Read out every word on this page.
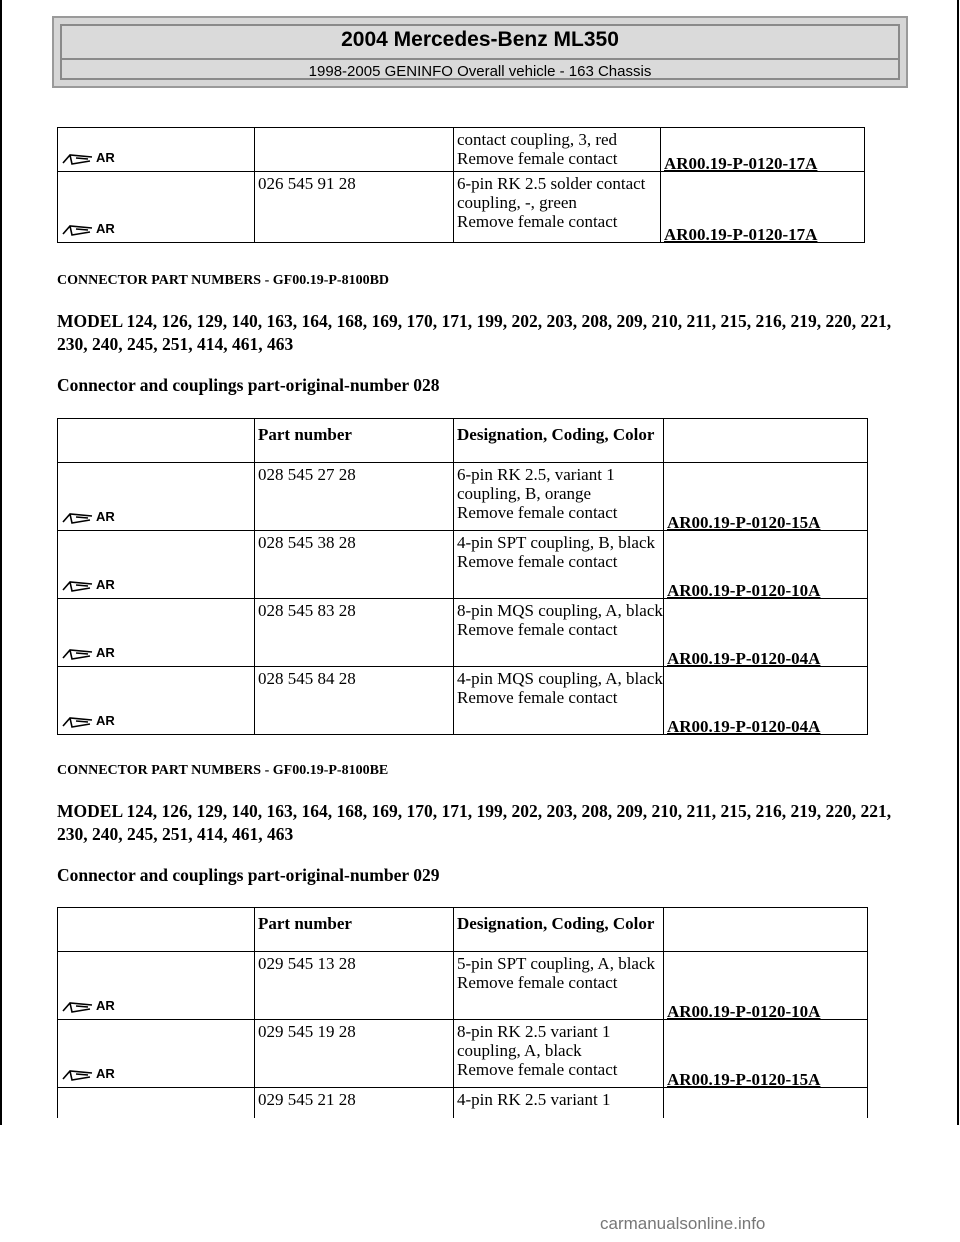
2004 Mercedes-Benz ML350
1998-2005 GENINFO Overall vehicle - 163 Chassis
AR		contact coupling, 3, red
Remove female contact	AR00.19-P-0120-17A

AR	026 545 91 28	6-pin RK 2.5 solder contact coupling, -, green
Remove female contact	AR00.19-P-0120-17A

CONNECTOR PART NUMBERS - GF00.19-P-8100BD

MODEL 124, 126, 129, 140, 163, 164, 168, 169, 170, 171, 199, 202, 203, 208, 209, 210, 211, 215, 216, 219, 220, 221, 230, 240, 245, 251, 414, 461, 463

Connector and couplings part-original-number 028

	Part number	Designation, Coding, Color	

AR	028 545 27 28	6-pin RK 2.5, variant 1 coupling, B, orange
Remove female contact	AR00.19-P-0120-15A

AR	028 545 38 28	4-pin SPT coupling, B, black
Remove female contact	AR00.19-P-0120-10A

AR	028 545 83 28	8-pin MQS coupling, A, black
Remove female contact	AR00.19-P-0120-04A

AR	028 545 84 28	4-pin MQS coupling, A, black
Remove female contact	AR00.19-P-0120-04A

CONNECTOR PART NUMBERS - GF00.19-P-8100BE

MODEL 124, 126, 129, 140, 163, 164, 168, 169, 170, 171, 199, 202, 203, 208, 209, 210, 211, 215, 216, 219, 220, 221, 230, 240, 245, 251, 414, 461, 463

Connector and couplings part-original-number 029

	Part number	Designation, Coding, Color	

AR	029 545 13 28	5-pin SPT coupling, A, black
Remove female contact	AR00.19-P-0120-10A

AR	029 545 19 28	8-pin RK 2.5 variant 1 coupling, A, black
Remove female contact	AR00.19-P-0120-15A

	029 545 21 28	4-pin RK 2.5 variant 1	

carmanualsonline.info
